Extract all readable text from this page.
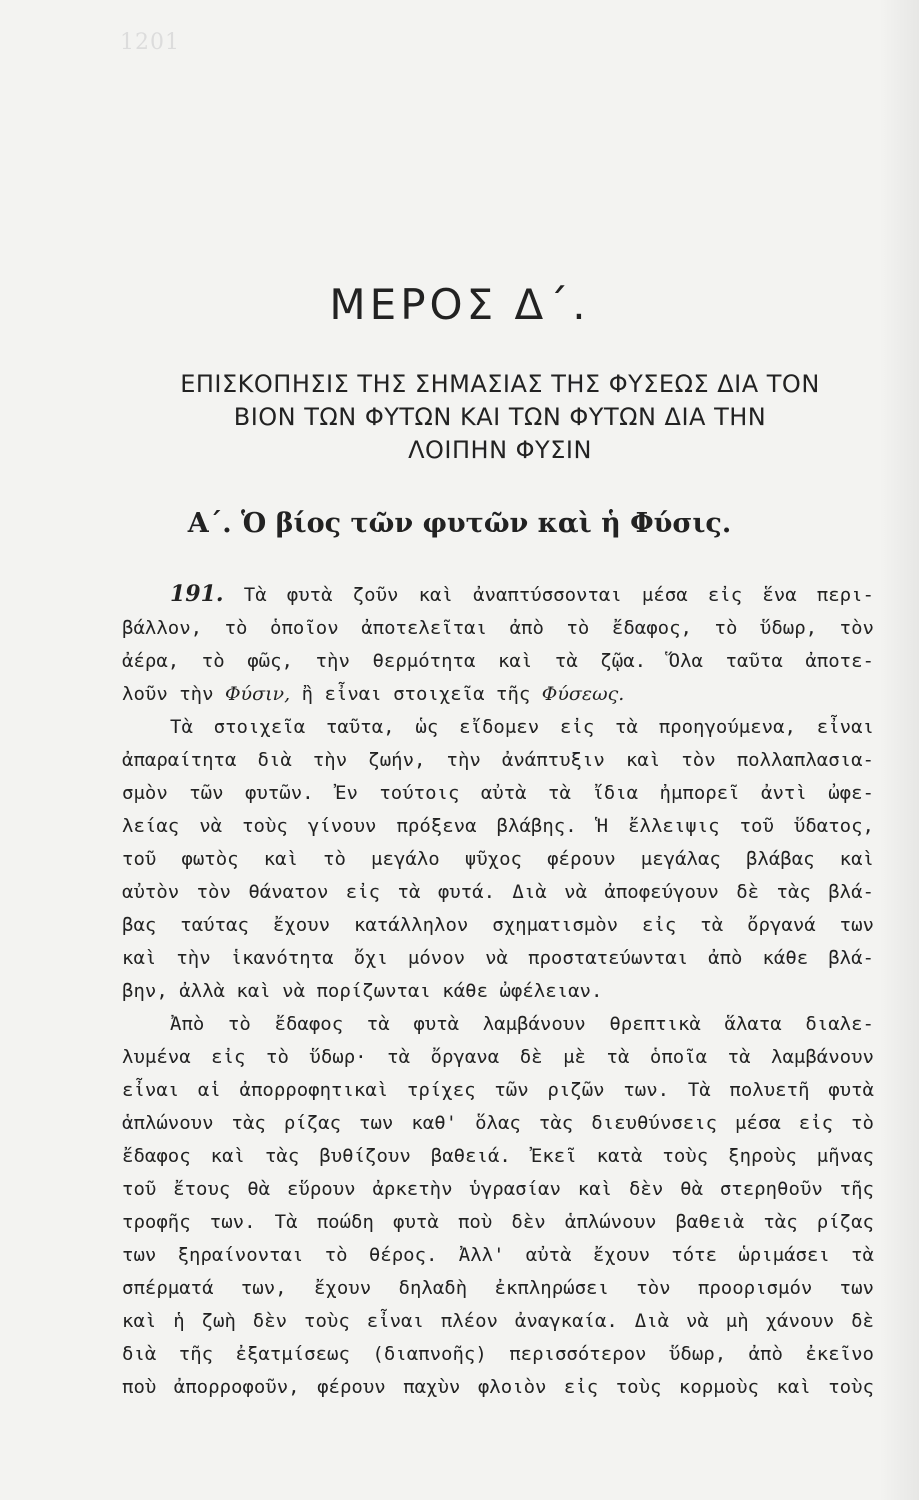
1201
ΜΕΡΟΣ Δ΄.
ΕΠΙΣΚΟΠΗΣΙΣ ΤΗΣ ΣΗΜΑΣΙΑΣ ΤΗΣ ΦΥΣΕΩΣ ΔΙΑ ΤΟΝ
ΒΙΟΝ ΤΩΝ ΦΥΤΩΝ ΚΑΙ ΤΩΝ ΦΥΤΩΝ ΔΙΑ ΤΗΝ
ΛΟΙΠΗΝ ΦΥΣΙΝ
Α΄. Ὁ βίος τῶν φυτῶν καὶ ἡ Φύσις.
191. Τὰ φυτὰ ζοῦν καὶ ἀναπτύσσονται μέσα εἰς ἕνα περι-
βάλλον, τὸ ὁποῖον ἀποτελεῖται ἀπὸ τὸ ἔδαφος, τὸ ὕδωρ, τὸν
ἀέρα, τὸ φῶς, τὴν θερμότητα καὶ τὰ ζῷα. Ὅλα ταῦτα ἀποτε-
λοῦν τὴν Φύσιν, ἢ εἶναι στοιχεῖα τῆς Φύσεως.
Τὰ στοιχεῖα ταῦτα, ὡς εἴδομεν εἰς τὰ προηγούμενα, εἶναι
ἀπαραίτητα διὰ τὴν ζωήν, τὴν ἀνάπτυξιν καὶ τὸν πολλαπλασια-
σμὸν τῶν φυτῶν. Ἐν τούτοις αὐτὰ τὰ ἴδια ἠμπορεῖ ἀντὶ ὠφε-
λείας νὰ τοὺς γίνουν πρόξενα βλάβης. Ἡ ἔλλειψις τοῦ ὕδατος,
τοῦ φωτὸς καὶ τὸ μεγάλο ψῦχος φέρουν μεγάλας βλάβας καὶ
αὐτὸν τὸν θάνατον εἰς τὰ φυτά. Διὰ νὰ ἀποφεύγουν δὲ τὰς βλά-
βας ταύτας ἔχουν κατάλληλον σχηματισμὸν εἰς τὰ ὄργανά των
καὶ τὴν ἱκανότητα ὄχι μόνον νὰ προστατεύωνται ἀπὸ κάθε βλά-
βην, ἀλλὰ καὶ νὰ πορίζωνται κάθε ὠφέλειαν.
Ἀπὸ τὸ ἔδαφος τὰ φυτὰ λαμβάνουν θρεπτικὰ ἅλατα διαλε-
λυμένα εἰς τὸ ὕδωρ· τὰ ὄργανα δὲ μὲ τὰ ὁποῖα τὰ λαμβάνουν
εἶναι αἱ ἀπορροφητικαὶ τρίχες τῶν ριζῶν των. Τὰ πολυετῆ φυτὰ
ἁπλώνουν τὰς ρίζας των καθ' ὅλας τὰς διευθύνσεις μέσα εἰς τὸ
ἔδαφος καὶ τὰς βυθίζουν βαθειά. Ἐκεῖ κατὰ τοὺς ξηροὺς μῆνας
τοῦ ἔτους θὰ εὕρουν ἀρκετὴν ὑγρασίαν καὶ δὲν θὰ στερηθοῦν τῆς
τροφῆς των. Τὰ ποώδη φυτὰ ποὺ δὲν ἁπλώνουν βαθειὰ τὰς ρίζας
των ξηραίνονται τὸ θέρος. Ἀλλ' αὐτὰ ἔχουν τότε ὡριμάσει τὰ
σπέρματά των, ἔχουν δηλαδὴ ἐκπληρώσει τὸν προορισμόν των
καὶ ἡ ζωὴ δὲν τοὺς εἶναι πλέον ἀναγκαία. Διὰ νὰ μὴ χάνουν δὲ
διὰ τῆς ἐξατμίσεως (διαπνοῆς) περισσότερον ὕδωρ, ἀπὸ ἐκεῖνο
ποὺ ἀπορροφοῦν, φέρουν παχὺν φλοιὸν εἰς τοὺς κορμοὺς καὶ τοὺς
